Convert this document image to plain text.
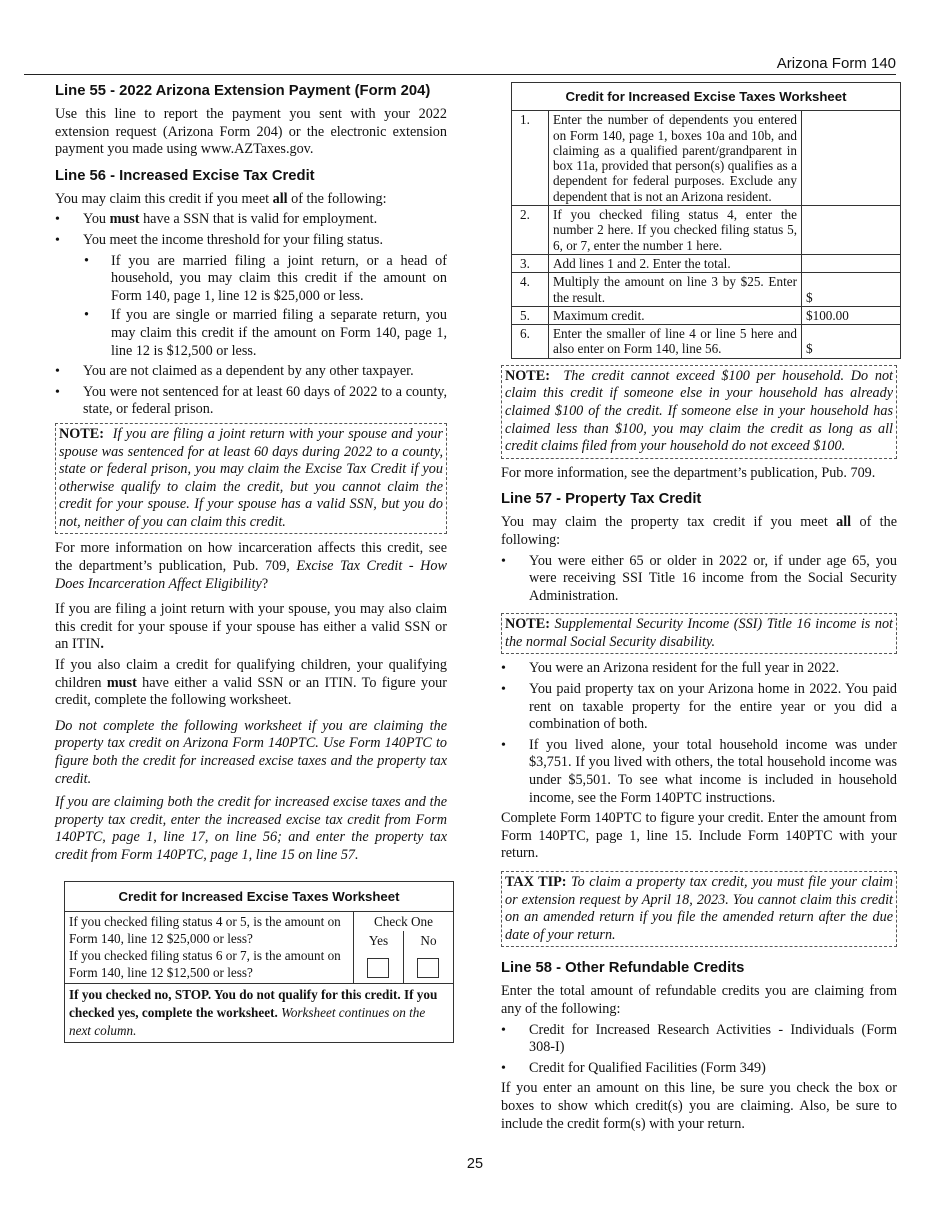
Arizona Form 140
Line 55 - 2022 Arizona Extension Payment (Form 204)

Use this line to report the payment you sent with your 2022 extension request (Arizona Form 204) or the electronic extension payment you made using www.AZTaxes.gov.

Line 56 - Increased Excise Tax Credit

You may claim this credit if you meet all of the following:

• You must have a SSN that is valid for employment.
• You meet the income threshold for your filing status.
• If you are married filing a joint return, or a head of household, you may claim this credit if the amount on Form 140, page 1, line 12 is $25,000 or less.
• If you are single or married filing a separate return, you may claim this credit if the amount on Form 140, page 1, line 12 is $12,500 or less.
• You are not claimed as a dependent by any other taxpayer.
• You were not sentenced for at least 60 days of 2022 to a county, state, or federal prison.
NOTE: If you are filing a joint return with your spouse and your spouse was sentenced for at least 60 days during 2022 to a county, state or federal prison, you may claim the Excise Tax Credit if you otherwise qualify to claim the credit, but you cannot claim the credit for your spouse. If your spouse has a valid SSN, but you do not, neither of you can claim this credit.

For more information on how incarceration affects this credit, see the department’s publication, Pub. 709, Excise Tax Credit - How Does Incarceration Affect Eligibility?

If you are filing a joint return with your spouse, you may also claim this credit for your spouse if your spouse has either a valid SSN or an ITIN.

If you also claim a credit for qualifying children, your qualifying children must have either a valid SSN or an ITIN. To figure your credit, complete the following worksheet.

Do not complete the following worksheet if you are claiming the property tax credit on Arizona Form 140PTC. Use Form 140PTC to figure both the credit for increased excise taxes and the property tax credit.

If you are claiming both the credit for increased excise taxes and the property tax credit, enter the increased excise tax credit from Form 140PTC, page 1, line 17, on line 56; and enter the property tax credit from Form 140PTC, page 1, line 15 on line 57.

Credit for Increased Excise Taxes Worksheet		

If you checked filing status 4 or 5, is the amount on Form 140, line 12 $25,000 or less?
If you checked filing status 6 or 7, is the amount on Form 140, line 12 $12,500 or less?	Check One	

	Yes	No

If you checked no, STOP. You do not qualify for this credit. If you checked yes, complete the worksheet. Worksheet continues on the next column.		
Credit for Increased Excise Taxes Worksheet		
1.	Enter the number of dependents you entered on Form 140, page 1, boxes 10a and 10b, and claiming as a qualified parent/grandparent in box 11a, provided that person(s) qualifies as a dependent for federal purposes. Exclude any dependent that is not an Arizona resident.	
2.	If you checked filing status 4, enter the number 2 here. If you checked filing status 5, 6, or 7, enter the number 1 here.	
3.	Add lines 1 and 2. Enter the total.	
4.	Multiply the amount on line 3 by $25. Enter the result.	$
5.	Maximum credit.	$100.00
6.	Enter the smaller of line 4 or line 5 here and also enter on Form 140, line 56.	$
NOTE: The credit cannot exceed $100 per household. Do not claim this credit if someone else in your household has already claimed $100 of the credit. If someone else in your household has claimed less than $100, you may claim the credit as long as all credit claims filed from your household do not exceed $100.

For more information, see the department’s publication, Pub. 709.

Line 57 - Property Tax Credit

You may claim the property tax credit if you meet all of the following:

• You were either 65 or older in 2022 or, if under age 65, you were receiving SSI Title 16 income from the Social Security Administration.
NOTE: Supplemental Security Income (SSI) Title 16 income is not the normal Social Security disability.
• You were an Arizona resident for the full year in 2022.
• You paid property tax on your Arizona home in 2022. You paid rent on taxable property for the entire year or you did a combination of both.
• If you lived alone, your total household income was under $3,751. If you lived with others, the total household income was under $5,501. To see what income is included in household income, see the Form 140PTC instructions.

Complete Form 140PTC to figure your credit. Enter the amount from Form 140PTC, page 1, line 15. Include Form 140PTC with your return.

TAX TIP: To claim a property tax credit, you must file your claim or extension request by April 18, 2023. You cannot claim this credit on an amended return if you file the amended return after the due date of your return.
Line 58 - Other Refundable Credits

Enter the total amount of refundable credits you are claiming from any of the following:

• Credit for Increased Research Activities - Individuals (Form 308-I)
• Credit for Qualified Facilities (Form 349)

If you enter an amount on this line, be sure you check the box or boxes to show which credit(s) you are claiming. Also, be sure to include the credit form(s) with your return.

25
